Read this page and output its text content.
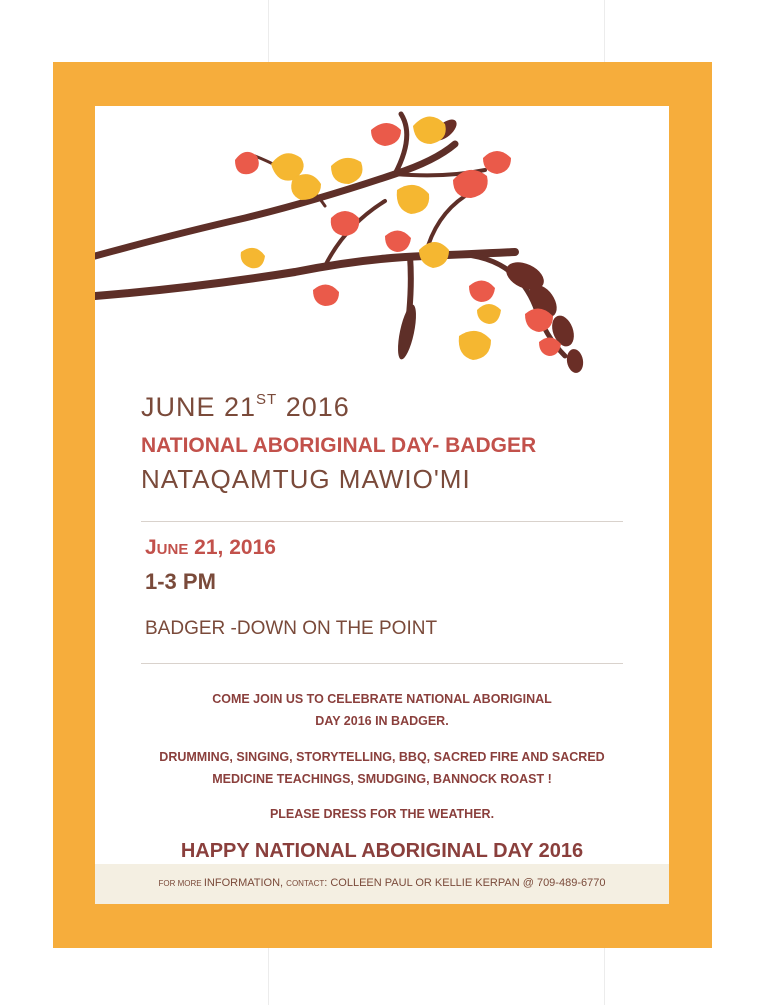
JUNE 21ST 2016
NATIONAL ABORIGINAL DAY- BADGER
NATAQAMTUG MAWIO'MI

June 21, 2016

1-3 PM

BADGER -DOWN ON THE POINT

COME JOIN US TO CELEBRATE NATIONAL ABORIGINAL DAY 2016 IN BADGER.

DRUMMING, SINGING, STORYTELLING, BBQ, SACRED FIRE AND SACRED MEDICINE TEACHINGS, SMUDGING, BANNOCK ROAST !

PLEASE DRESS FOR THE WEATHER.

HAPPY NATIONAL ABORIGINAL DAY 2016

FOR MORE INFORMATION, CONTACT: COLLEEN PAUL OR KELLIE KERPAN @ 709-489-6770
